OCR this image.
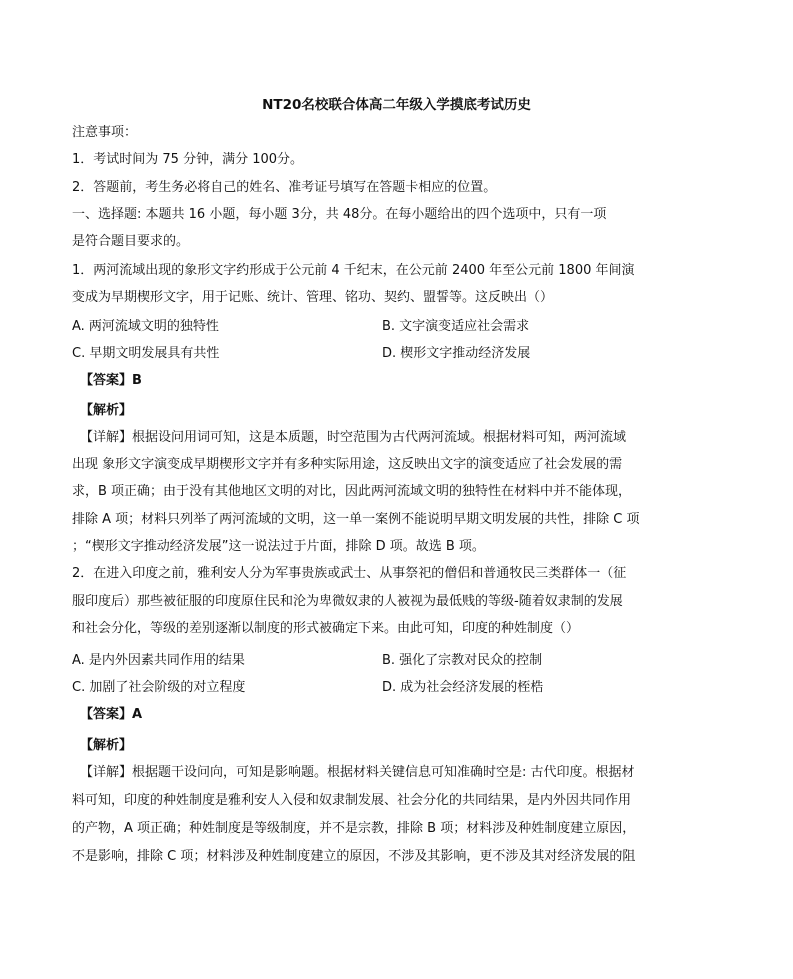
NT20名校联合体高二年级入学摸底考试历史
注意事项：
1．考试时间为 75 分钟，满分 100分。
2．答题前，考生务必将自己的姓名、准考证号填写在答题卡相应的位置。
一、选择题: 本题共 16 小题，每小题 3分，共 48分。在每小题给出的四个选项中，只有一项
是符合题目要求的。
1．两河流域出现的象形文字约形成于公元前 4 千纪末，在公元前 2400 年至公元前 1800 年间演
变成为早期楔形文字，用于记账、统计、管理、铭功、契约、盟誓等。这反映出（）
A. 两河流域文明的独特性	B. 文字演变适应社会需求
C. 早期文明发展具有共性	D. 楔形文字推动经济发展
【答案】B
【解析】
【详解】根据设问用词可知，这是本质题，时空范围为古代两河流域。根据材料可知，两河流域
出现 象形文字演变成早期楔形文字并有多种实际用途，这反映出文字的演变适应了社会发展的需
求，B 项正确；由于没有其他地区文明的对比，因此两河流域文明的独特性在材料中并不能体现，
排除 A 项；材料只列举了两河流域的文明，这一单一案例不能说明早期文明发展的共性，排除 C 项
；“楔形文字推动经济发展”这一说法过于片面，排除 D 项。故选 B 项。
2．在进入印度之前，雅利安人分为军事贵族或武士、从事祭祀的僧侣和普通牧民三类群体一（征
服印度后）那些被征服的印度原住民和沦为卑微奴隶的人被视为最低贱的等级-随着奴隶制的发展
和社会分化，等级的差别逐渐以制度的形式被确定下来。由此可知，印度的种姓制度（）
A. 是内外因素共同作用的结果	B. 强化了宗教对民众的控制
C. 加剧了社会阶级的对立程度	D. 成为社会经济发展的桎梏
【答案】A
【解析】
【详解】根据题干设问向，可知是影响题。根据材料关键信息可知准确时空是: 古代印度。根据材
料可知，印度的种姓制度是雅利安人入侵和奴隶制发展、社会分化的共同结果，是内外因共同作用
的产物，A 项正确；种姓制度是等级制度，并不是宗教，排除 B 项；材料涉及种姓制度建立原因，
不是影响，排除 C 项；材料涉及种姓制度建立的原因，不涉及其影响，更不涉及其对经济发展的阻
